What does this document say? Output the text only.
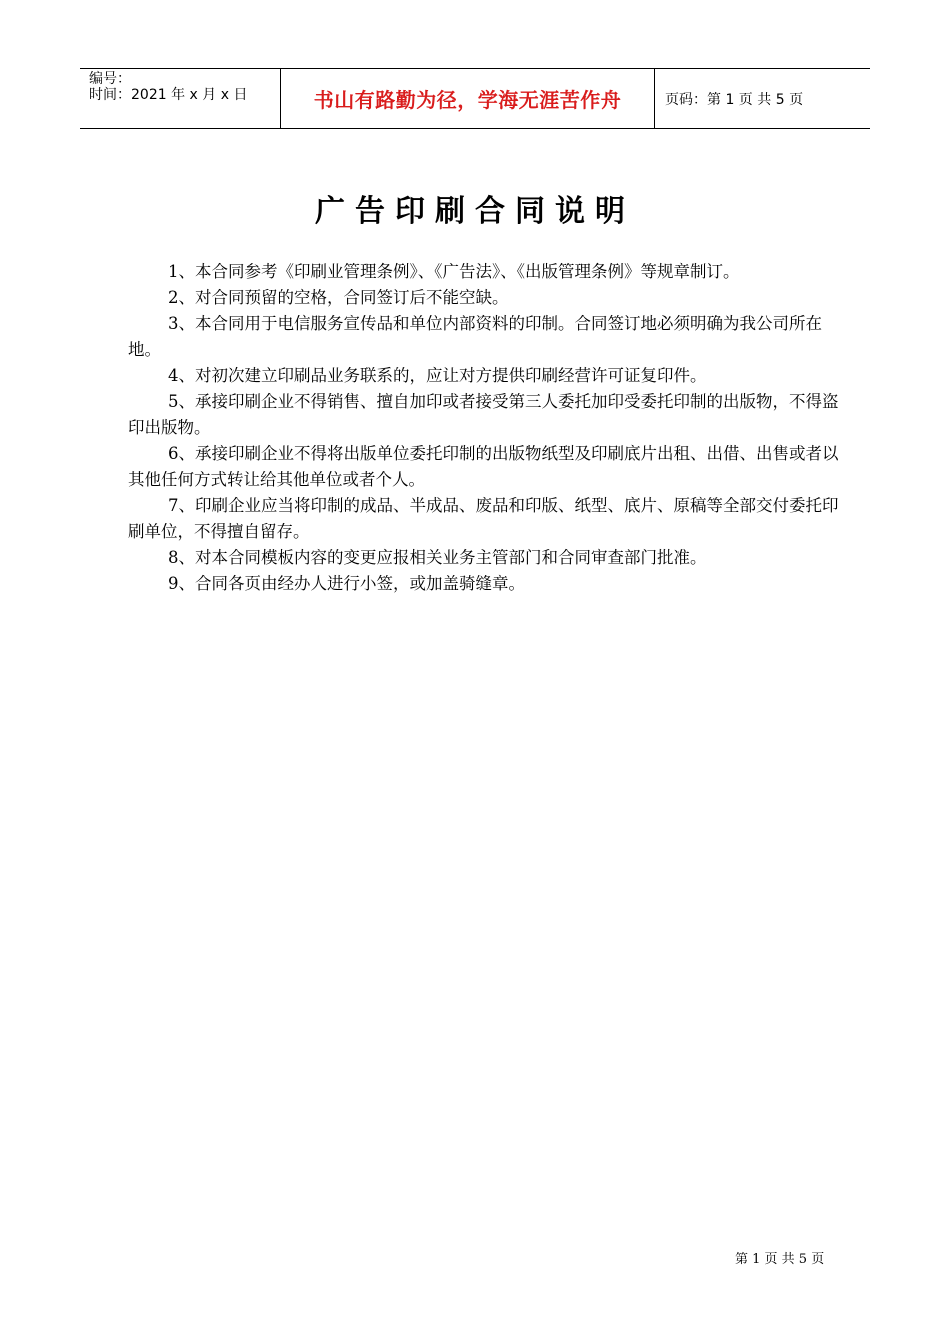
编号：
时间：2021 年 x 月 x 日	书山有路勤为径，学海无涯苦作舟	页码：第 1 页 共 5 页
广告印刷合同说明

1、本合同参考《印刷业管理条例》、《广告法》、《出版管理条例》等规章制订。

2、对合同预留的空格，合同签订后不能空缺。

3、本合同用于电信服务宣传品和单位内部资料的印制。合同签订地必须明确为我公司所在地。

4、对初次建立印刷品业务联系的，应让对方提供印刷经营许可证复印件。

5、承接印刷企业不得销售、擅自加印或者接受第三人委托加印受委托印制的出版物，不得盗印出版物。

6、承接印刷企业不得将出版单位委托印制的出版物纸型及印刷底片出租、出借、出售或者以其他任何方式转让给其他单位或者个人。

7、印刷企业应当将印制的成品、半成品、废品和印版、纸型、底片、原稿等全部交付委托印刷单位，不得擅自留存。

8、对本合同模板内容的变更应报相关业务主管部门和合同审查部门批准。

9、合同各页由经办人进行小签，或加盖骑缝章。

第 1 页 共 5 页
